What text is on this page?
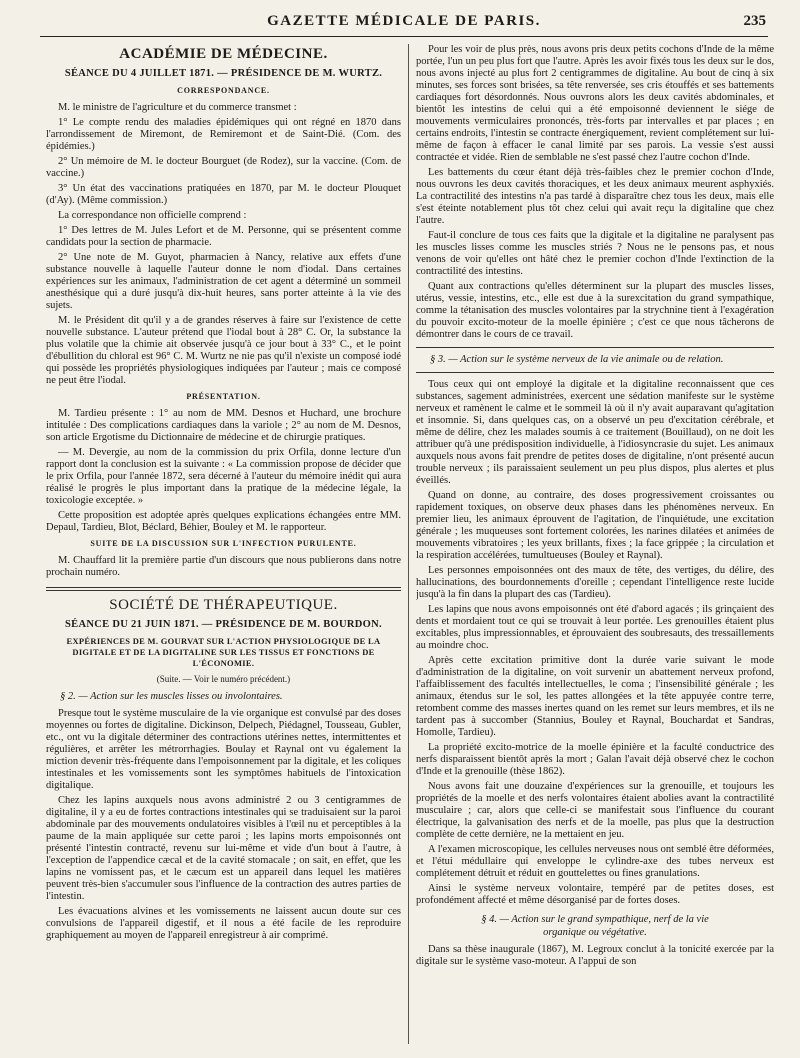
GAZETTE MÉDICALE DE PARIS.	235
ACADÉMIE DE MÉDECINE.
SÉANCE DU 4 JUILLET 1871. — PRÉSIDENCE DE M. WURTZ.
CORRESPONDANCE.

M. le ministre de l'agriculture et du commerce transmet :

1° Le compte rendu des maladies épidémiques qui ont régné en 1870 dans l'arrondissement de Miremont, de Remiremont et de Saint-Dié. (Com. des épidémies.)

2° Un mémoire de M. le docteur Bourguet (de Rodez), sur la vaccine. (Com. de vaccine.)

3° Un état des vaccinations pratiquées en 1870, par M. le docteur Plouquet (d'Ay). (Même commission.)

La correspondance non officielle comprend :

1° Des lettres de M. Jules Lefort et de M. Personne, qui se présentent comme candidats pour la section de pharmacie.

2° Une note de M. Guyot, pharmacien à Nancy, relative aux effets d'une substance nouvelle à laquelle l'auteur donne le nom d'iodal. Dans certaines expériences sur les animaux, l'administration de cet agent a déterminé un sommeil anesthésique qui a duré jusqu'à dix-huit heures, sans porter atteinte à la vie des sujets.

M. le Président dit qu'il y a de grandes réserves à faire sur l'existence de cette nouvelle substance. L'auteur prétend que l'iodal bout à 28° C. Or, la substance la plus volatile que la chimie ait observée jusqu'à ce jour bout à 33° C., et le point d'ébullition du chloral est 96° C. M. Wurtz ne nie pas qu'il n'existe un composé iodé qui possède les propriétés physiologiques indiquées par l'auteur ; mais ce composé ne peut être l'iodal.

PRÉSENTATION.

M. Tardieu présente : 1° au nom de MM. Desnos et Huchard, une brochure intitulée : Des complications cardiaques dans la variole ; 2° au nom de M. Desnos, son article Ergotisme du Dictionnaire de médecine et de chirurgie pratiques.

— M. Devergie, au nom de la commission du prix Orfila, donne lecture d'un rapport dont la conclusion est la suivante : « La commission propose de décider que le prix Orfila, pour l'année 1872, sera décerné à l'auteur du mémoire inédit qui aura réalisé le progrès le plus important dans la pratique de la médecine légale, la toxicologie exceptée. »

Cette proposition est adoptée après quelques explications échangées entre MM. Depaul, Tardieu, Blot, Béclard, Béhier, Bouley et M. le rapporteur.

SUITE DE LA DISCUSSION SUR L'INFECTION PURULENTE.

M. Chauffard lit la première partie d'un discours que nous publierons dans notre prochain numéro.

SOCIÉTÉ DE THÉRAPEUTIQUE.
SÉANCE DU 21 JUIN 1871. — PRÉSIDENCE DE M. BOURDON.
EXPÉRIENCES DE M. GOURVAT SUR L'ACTION PHYSIOLOGIQUE DE LA DIGITALE ET DE LA DIGITALINE SUR LES TISSUS ET FONCTIONS DE L'ÉCONOMIE.
(Suite. — Voir le numéro précédent.)
§ 2. — Action sur les muscles lisses ou involontaires.

Presque tout le système musculaire de la vie organique est convulsé par des doses moyennes ou fortes de digitaline. Dickinson, Delpech, Piédagnel, Tousseau, Gubler, etc., ont vu la digitale déterminer des contractions utérines nettes, intermittentes et régulières, et arrêter les métrorrhagies. Boulay et Raynal ont vu également la miction devenir très-fréquente dans l'empoisonnement par la digitale, et les coliques intestinales et les vomissements sont les symptômes habituels de l'intoxication digitalique.

Chez les lapins auxquels nous avons administré 2 ou 3 centigrammes de digitaline, il y a eu de fortes contractions intestinales qui se traduisaient sur la paroi abdominale par des mouvements ondulatoires visibles à l'œil nu et perceptibles à la paume de la main appliquée sur cette paroi ; les lapins morts empoisonnés ont présenté l'intestin contracté, revenu sur lui-même et vide d'un bout à l'autre, à l'exception de l'appendice cæcal et de la cavité stomacale ; on sait, en effet, que les lapins ne vomissent pas, et le cæcum est un appareil dans lequel les matières peuvent très-bien s'accumuler sous l'influence de la contraction des autres parties de l'intestin.

Les évacuations alvines et les vomissements ne laissent aucun doute sur ces convulsions de l'appareil digestif, et il nous a été facile de les reproduire graphiquement au moyen de l'appareil enregistreur à air comprimé.

Pour les voir de plus près, nous avons pris deux petits cochons d'Inde de la même portée, l'un un peu plus fort que l'autre. Après les avoir fixés tous les deux sur le dos, nous avons injecté au plus fort 2 centigrammes de digitaline. Au bout de cinq à six minutes, ses forces sont brisées, sa tête renversée, ses cris étouffés et ses battements cardiaques fort désordonnés. Nous ouvrons alors les deux cavités abdominales, et bientôt les intestins de celui qui a été empoisonné deviennent le siége de mouvements vermiculaires prononcés, très-forts par intervalles et par places ; en certains endroits, l'intestin se contracte énergiquement, revient complétement sur lui-même de façon à effacer le canal limité par ses parois. La vessie s'est aussi contractée et vidée. Rien de semblable ne s'est passé chez l'autre cochon d'Inde.

Les battements du cœur étant déjà très-faibles chez le premier cochon d'Inde, nous ouvrons les deux cavités thoraciques, et les deux animaux meurent asphyxiés. La contractilité des intestins n'a pas tardé à disparaître chez tous les deux, mais elle s'est éteinte notablement plus tôt chez celui qui avait reçu la digitaline que chez l'autre.

Faut-il conclure de tous ces faits que la digitale et la digitaline ne paralysent pas les muscles lisses comme les muscles striés ? Nous ne le pensons pas, et nous venons de voir qu'elles ont hâté chez le premier cochon d'Inde l'extinction de la contractilité des intestins.

Quant aux contractions qu'elles déterminent sur la plupart des muscles lisses, utérus, vessie, intestins, etc., elle est due à la surexcitation du grand sympathique, comme la tétanisation des muscles volontaires par la strychnine tient à l'exagération du pouvoir excito-moteur de la moelle épinière ; c'est ce que nous tâcherons de démontrer dans le cours de ce travail.

§ 3. — Action sur le système nerveux de la vie animale ou de relation.

Tous ceux qui ont employé la digitale et la digitaline reconnaissent que ces substances, sagement administrées, exercent une sédation manifeste sur le système nerveux et ramènent le calme et le sommeil là où il n'y avait auparavant qu'agitation et insomnie. Si, dans quelques cas, on a observé un peu d'excitation cérébrale, et même de délire, chez les malades soumis à ce traitement (Bouillaud), on ne doit les attribuer qu'à une prédisposition individuelle, à l'idiosyncrasie du sujet. Les animaux auxquels nous avons fait prendre de petites doses de digitaline, n'ont présenté aucun trouble nerveux ; ils paraissaient seulement un peu plus dispos, plus alertes et plus éveillés.

Quand on donne, au contraire, des doses progressivement croissantes ou rapidement toxiques, on observe deux phases dans les phénomènes nerveux. En premier lieu, les animaux éprouvent de l'agitation, de l'inquiétude, une excitation générale ; les muqueuses sont fortement colorées, les narines dilatées et animées de mouvements vibratoires ; les yeux brillants, fixes ; la face grippée ; la circulation et la respiration accélérées, tumultueuses (Bouley et Raynal).

Les personnes empoisonnées ont des maux de tête, des vertiges, du délire, des hallucinations, des bourdonnements d'oreille ; cependant l'intelligence reste lucide jusqu'à la fin dans la plupart des cas (Tardieu).

Les lapins que nous avons empoisonnés ont été d'abord agacés ; ils grinçaient des dents et mordaient tout ce qui se trouvait à leur portée. Les grenouilles étaient plus excitables, plus impressionnables, et éprouvaient des soubresauts, des tressaillements au moindre choc.

Après cette excitation primitive dont la durée varie suivant le mode d'administration de la digitaline, on voit survenir un abattement nerveux profond, l'affaiblissement des facultés intellectuelles, le coma ; l'insensibilité générale ; les animaux, étendus sur le sol, les pattes allongées et la tête appuyée contre terre, retombent comme des masses inertes quand on les remet sur leurs membres, et ils ne tardent pas à succomber (Stannius, Bouley et Raynal, Bouchardat et Sandras, Homolle, Tardieu).

La propriété excito-motrice de la moelle épinière et la faculté conductrice des nerfs disparaissent bientôt après la mort ; Galan l'avait déjà observé chez le cochon d'Inde et la grenouille (thèse 1862).

Nous avons fait une douzaine d'expériences sur la grenouille, et toujours les propriétés de la moelle et des nerfs volontaires étaient abolies avant la contractilité musculaire ; car, alors que celle-ci se manifestait sous l'influence du courant électrique, la galvanisation des nerfs et de la moelle, pas plus que la destruction complète de cette dernière, ne la mettaient en jeu.

A l'examen microscopique, les cellules nerveuses nous ont semblé être déformées, et l'étui médullaire qui enveloppe le cylindre-axe des tubes nerveux est complétement détruit et réduit en gouttelettes ou fines granulations.

Ainsi le système nerveux volontaire, tempéré par de petites doses, est profondément affecté et même désorganisé par de fortes doses.

§ 4. — Action sur le grand sympathique, nerf de la vie
organique ou végétative.

Dans sa thèse inaugurale (1867), M. Legroux conclut à la tonicité exercée par la digitale sur le système vaso-moteur. A l'appui de son
